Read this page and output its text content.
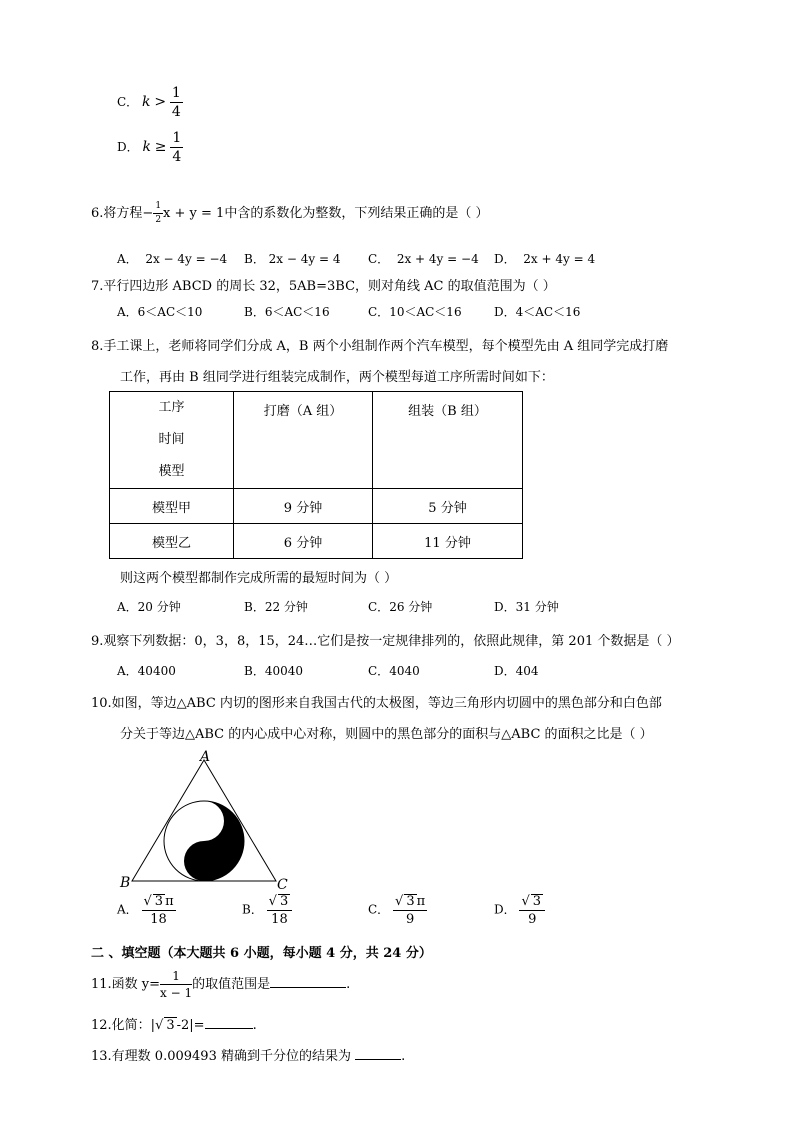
C． $k > \frac{1}{4}$
D． $k \ge \frac{1}{4}$
6.将方程− $\frac{1}{2}$ x + y = 1中含的系数化为整数，下列结果正确的是（ ）
A． 2x − 4y = −4 B． 2x − 4y = 4 C． 2x + 4y = −4 D． 2x + 4y = 4
7.平行四边形 ABCD 的周长 32，5AB=3BC，则对角线 AC 的取值范围为（ ）
A．6＜AC＜10	B．6＜AC＜16	C．10＜AC＜16	D．4＜AC＜16
8.手工课上，老师将同学们分成 A，B 两个小组制作两个汽车模型，每个模型先由 A 组同学完成打磨
工作，再由 B 组同学进行组装完成制作，两个模型每道工序所需时间如下：
工序
时间
模型	打磨（A 组）	组装（B 组）
模型甲	9 分钟	5 分钟
模型乙	6 分钟	11 分钟
则这两个模型都制作完成所需的最短时间为（ ）
A．20 分钟	B．22 分钟	C．26 分钟	D．31 分钟
9.观察下列数据：0，3，8，15，24…它们是按一定规律排列的，依照此规律，第 201 个数据是（ ）
A．40400	B．40040	C．4040	D．404
10.如图，等边△ABC 内切的图形来自我国古代的太极图，等边三角形内切圆中的黑色部分和白色部
分关于等边△ABC 的内心成中心对称，则圆中的黑色部分的面积与△ABC 的面积之比是（ ）
A
B	C
A． $\frac{√ 3 \pi}{18}$	B． $\frac{√ 3}{18}$	C． $\frac{√ 3 \pi}{9}$	D． $\frac{√ 3}{9}$
二 、填空题（本大题共 6 小题，每小题 4 分，共 24 分）
11.函数 $y= \frac{1}{x - 1}$ 的取值范围是	.
12.化简：|√ 3 -2|=	.
13.有理数 0.009493 精确到千分位的结果为	.
